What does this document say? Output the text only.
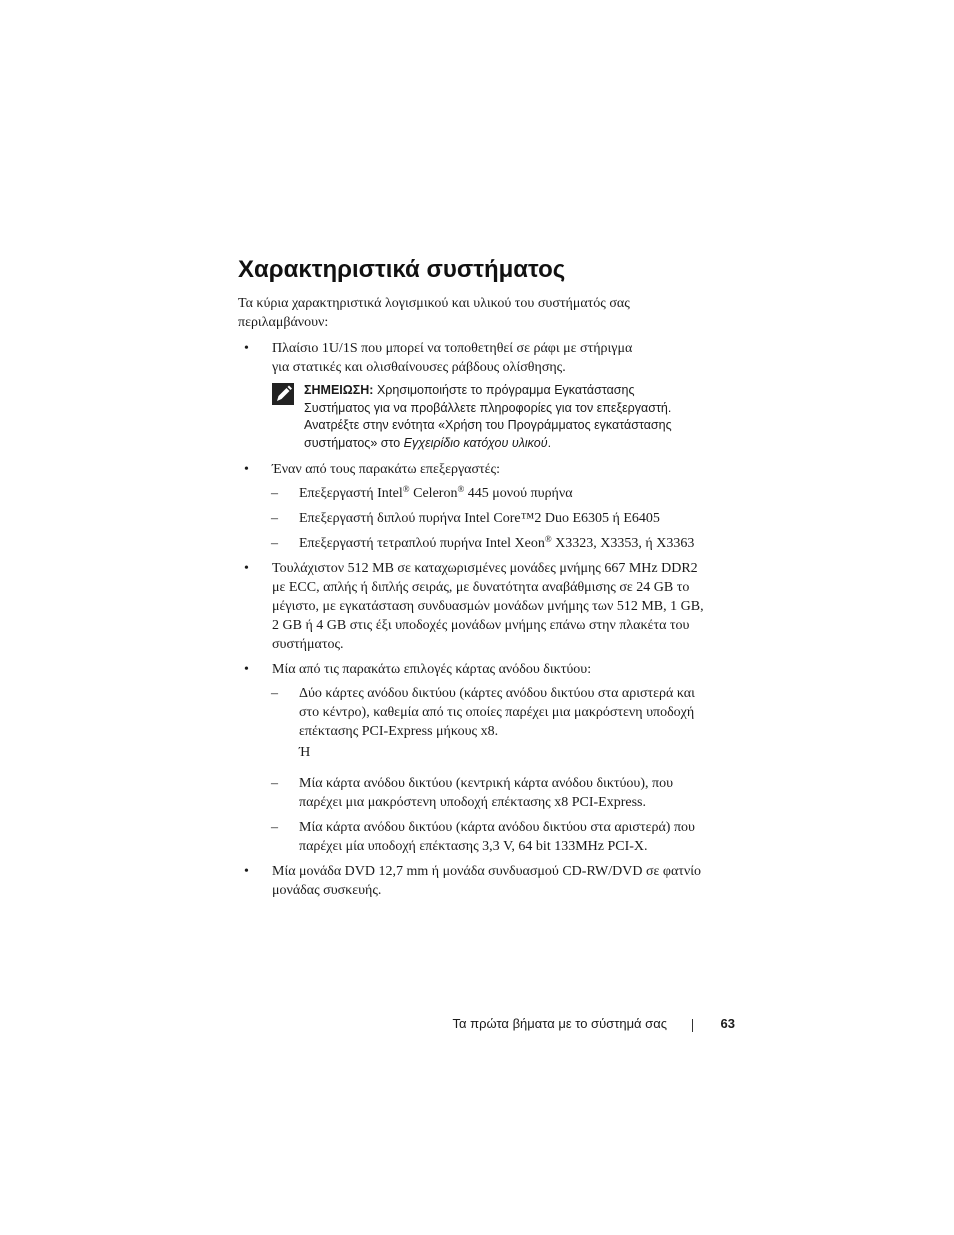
Χαρακτηριστικά συστήματος

Τα κύρια χαρακτηριστικά λογισμικού και υλικού του συστήματός σας περιλαμβάνουν:

• Πλαίσιο 1U/1S που μπορεί να τοποθετηθεί σε ράφι με στήριγμα
για στατικές και ολισθαίνουσες ράβδους ολίσθησης.
ΣΗΜΕΙΩΣΗ: Χρησιμοποιήστε το πρόγραμμα Εγκατάστασης
Συστήματος για να προβάλλετε πληροφορίες για τον επεξεργαστή.
Ανατρέξτε στην ενότητα «Χρήση του Προγράμματος εγκατάστασης
συστήματος» στο Εγχειρίδιο κατόχου υλικού.
• Έναν από τους παρακάτω επεξεργαστές:
– Επεξεργαστή Intel® Celeron® 445 μονού πυρήνα
– Επεξεργαστή διπλού πυρήνα Intel Core™2 Duo E6305 ή E6405
– Επεξεργαστή τετραπλού πυρήνα Intel Xeon® X3323, X3353, ή X3363
• Τουλάχιστον 512 MB σε καταχωρισμένες μονάδες μνήμης 667 MHz DDR2
με ECC, απλής ή διπλής σειράς, με δυνατότητα αναβάθμισης σε 24 GB το
μέγιστο, με εγκατάσταση συνδυασμών μονάδων μνήμης των 512 MB, 1 GB,
2 GB ή 4 GB στις έξι υποδοχές μονάδων μνήμης επάνω στην πλακέτα του
συστήματος.
• Μία από τις παρακάτω επιλογές κάρτας ανόδου δικτύου:
– Δύο κάρτες ανόδου δικτύου (κάρτες ανόδου δικτύου στα αριστερά και
στο κέντρο), καθεμία από τις οποίες παρέχει μια μακρόστενη υποδοχή
επέκτασης PCI-Express μήκους x8.
Ή
– Μία κάρτα ανόδου δικτύου (κεντρική κάρτα ανόδου δικτύου), που
παρέχει μια μακρόστενη υποδοχή επέκτασης x8 PCI-Express.
– Μία κάρτα ανόδου δικτύου (κάρτα ανόδου δικτύου στα αριστερά) που
παρέχει μία υποδοχή επέκτασης 3,3 V, 64 bit 133MHz PCI-X.
• Μία μονάδα DVD 12,7 mm ή μονάδα συνδυασμού CD-RW/DVD σε φατνίο
μονάδας συσκευής.
Τα πρώτα βήματα με το σύστημά σας	63
